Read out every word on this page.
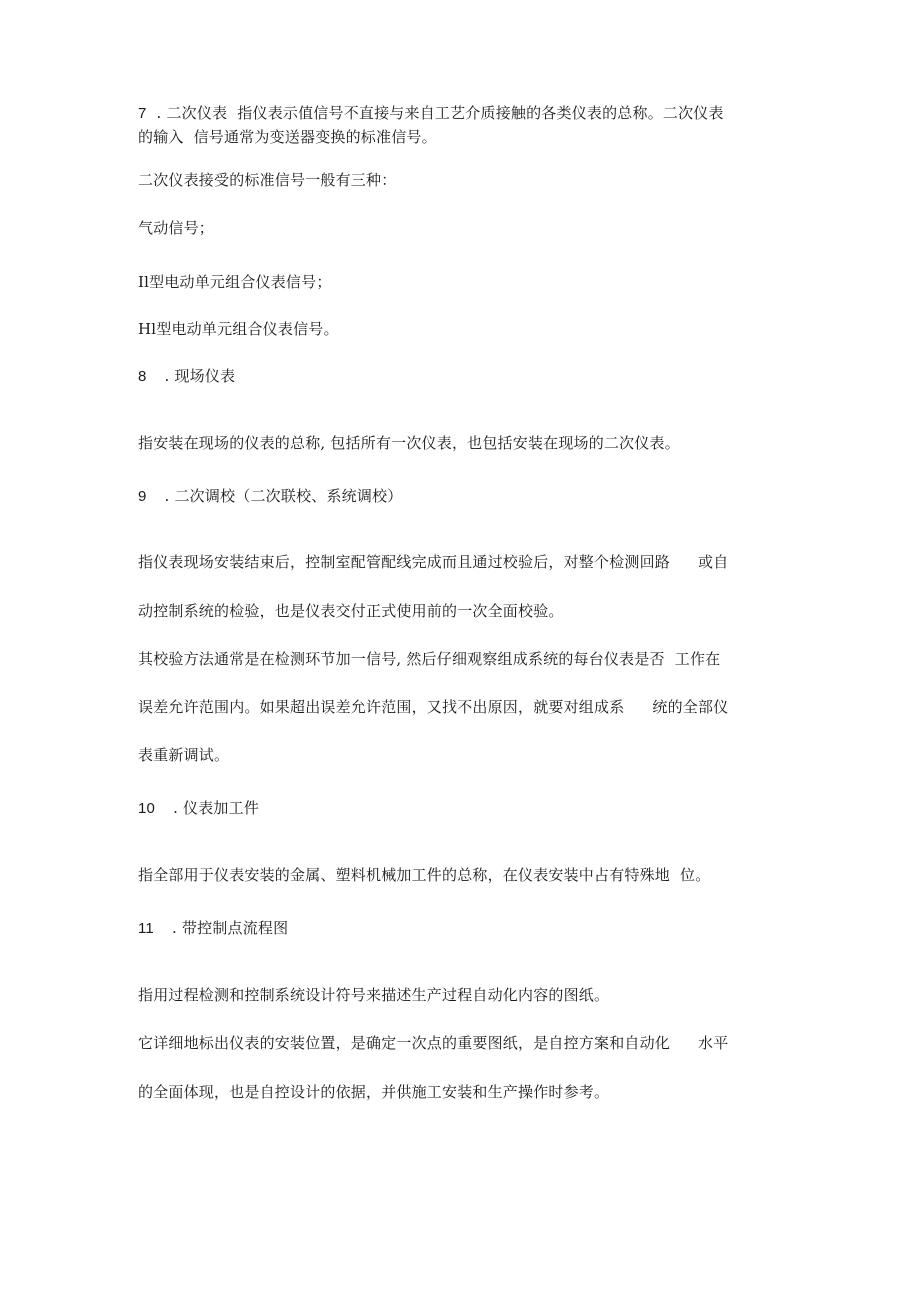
7 . 二次仪表 指仪表示值信号不直接与来自工艺介质接触的各类仪表的总称。二次仪表
的输入 信号通常为变送器变换的标准信号。
二次仪表接受的标准信号一般有三种：
气动信号；
Il型电动单元组合仪表信号；
Hl型电动单元组合仪表信号。
8 . 现场仪表
指安装在现场的仪表的总称, 包括所有一次仪表，也包括安装在现场的二次仪表。
9 . 二次调校（二次联校、系统调校）
指仪表现场安装结束后，控制室配管配线完成而且通过校验后，对整个检测回路 或自
动控制系统的检验，也是仪表交付正式使用前的一次全面校验。
其校验方法通常是在检测环节加一信号, 然后仔细观察组成系统的每台仪表是否 工作在
误差允许范围内。如果超出误差允许范围，又找不出原因，就要对组成系 统的全部仪
表重新调试。
10 . 仪表加工件
指全部用于仪表安装的金属、塑料机械加工件的总称，在仪表安装中占有特殊地 位。
11 . 带控制点流程图
指用过程检测和控制系统设计符号来描述生产过程自动化内容的图纸。
它详细地标出仪表的安装位置，是确定一次点的重要图纸，是自控方案和自动化 水平
的全面体现，也是自控设计的依据，并供施工安装和生产操作时参考。
